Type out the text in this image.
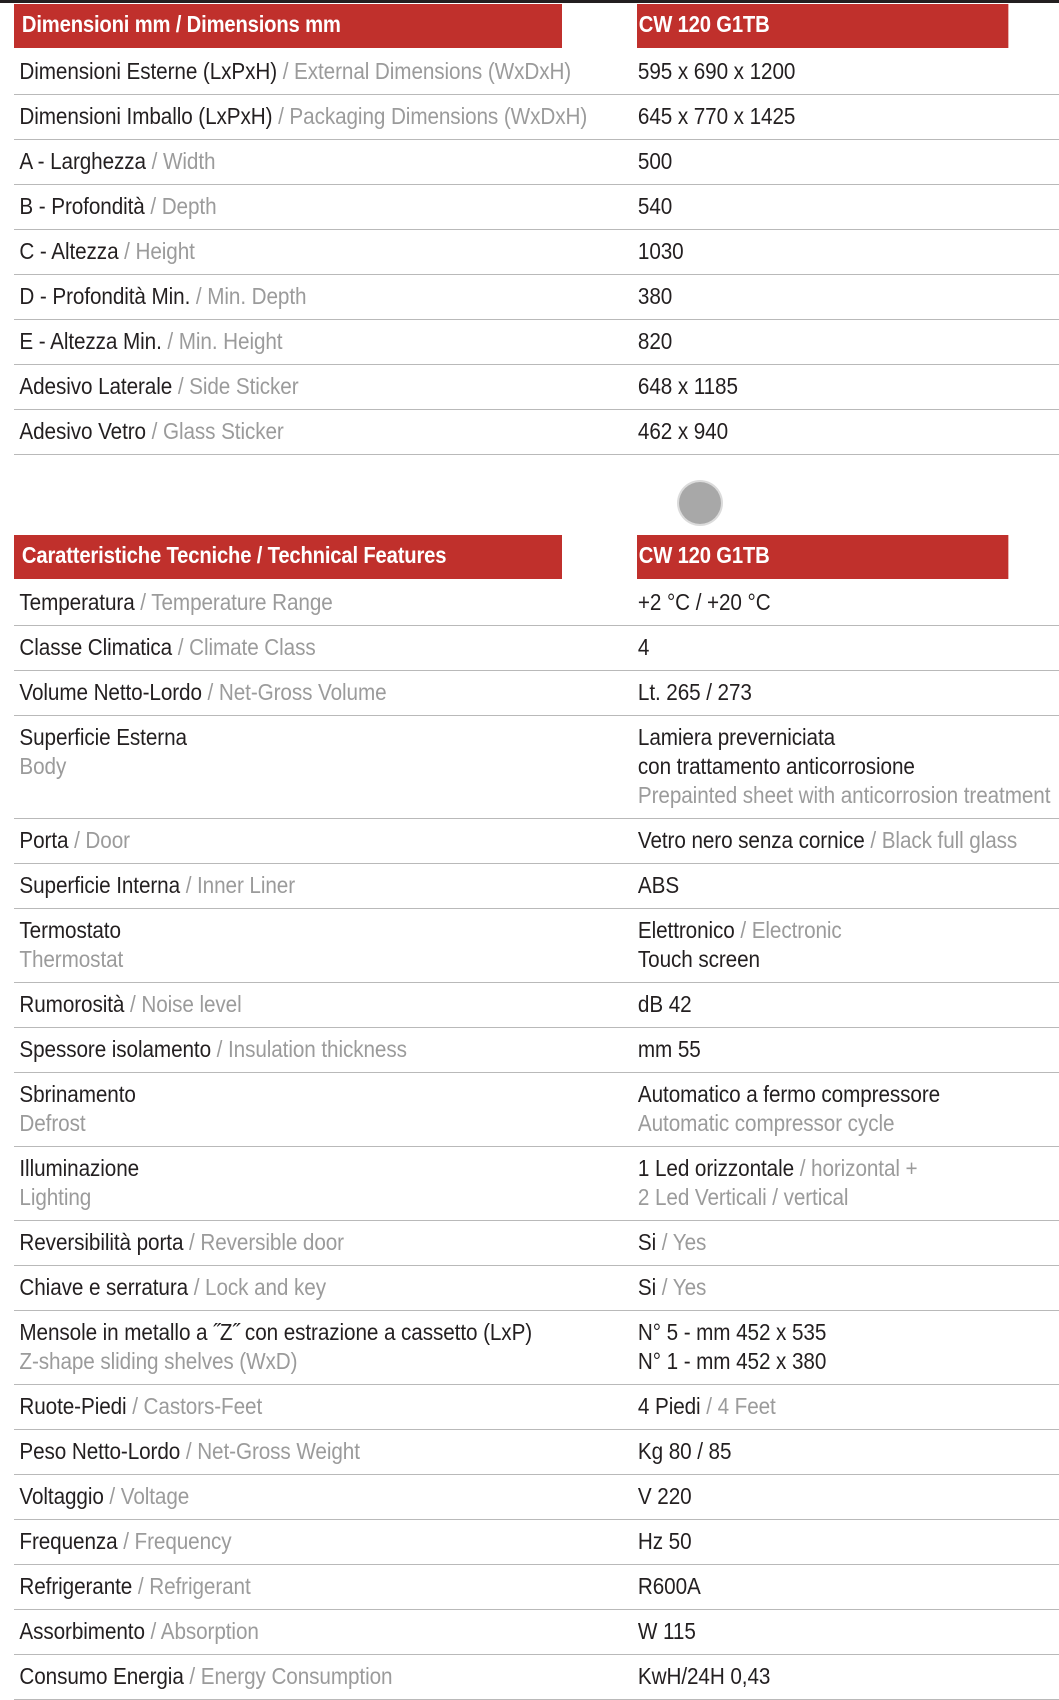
Dimensioni mm / Dimensions mm	CW 120 G1TB

Dimensioni Esterne (LxPxH) / External Dimensions (WxDxH)	595 x 690 x 1200

Dimensioni Imballo (LxPxH) / Packaging Dimensions (WxDxH)	645 x 770 x 1425

A - Larghezza / Width	500

B - Profondità / Depth	540

C - Altezza / Height	1030

D - Profondità Min. / Min. Depth	380

E - Altezza Min. / Min. Height	820

Adesivo Laterale / Side Sticker	648 x 1185

Adesivo Vetro / Glass Sticker	462 x 940
Caratteristiche Tecniche / Technical Features	CW 120 G1TB

Temperatura / Temperature Range	+2 °C / +20 °C

Classe Climatica / Climate Class	4

Volume Netto-Lordo / Net-Gross Volume	Lt. 265 / 273

Superficie Esterna
Body	Lamiera preverniciata
con trattamento anticorrosione
Prepainted sheet with anticorrosion treatment

Porta / Door	Vetro nero senza cornice / Black full glass

Superficie Interna / Inner Liner	ABS

Termostato
Thermostat	Elettronico / Electronic
Touch screen

Rumorosità / Noise level	dB 42

Spessore isolamento / Insulation thickness	mm 55

Sbrinamento
Defrost	Automatico a fermo compressore
Automatic compressor cycle

Illuminazione
Lighting	1 Led orizzontale / horizontal +
2 Led Verticali / vertical

Reversibilità porta / Reversible door	Si / Yes

Chiave e serratura / Lock and key	Si / Yes

Mensole in metallo a ˝Z˝ con estrazione a cassetto (LxP)
Z-shape sliding shelves (WxD)	N° 5 - mm 452 x 535
N° 1 - mm 452 x 380

Ruote-Piedi / Castors-Feet	4 Piedi / 4 Feet

Peso Netto-Lordo / Net-Gross Weight	Kg 80 / 85

Voltaggio / Voltage	V 220

Frequenza / Frequency	Hz 50

Refrigerante / Refrigerant	R600A

Assorbimento / Absorption	W 115

Consumo Energia / Energy Consumption	KwH/24H 0,43
